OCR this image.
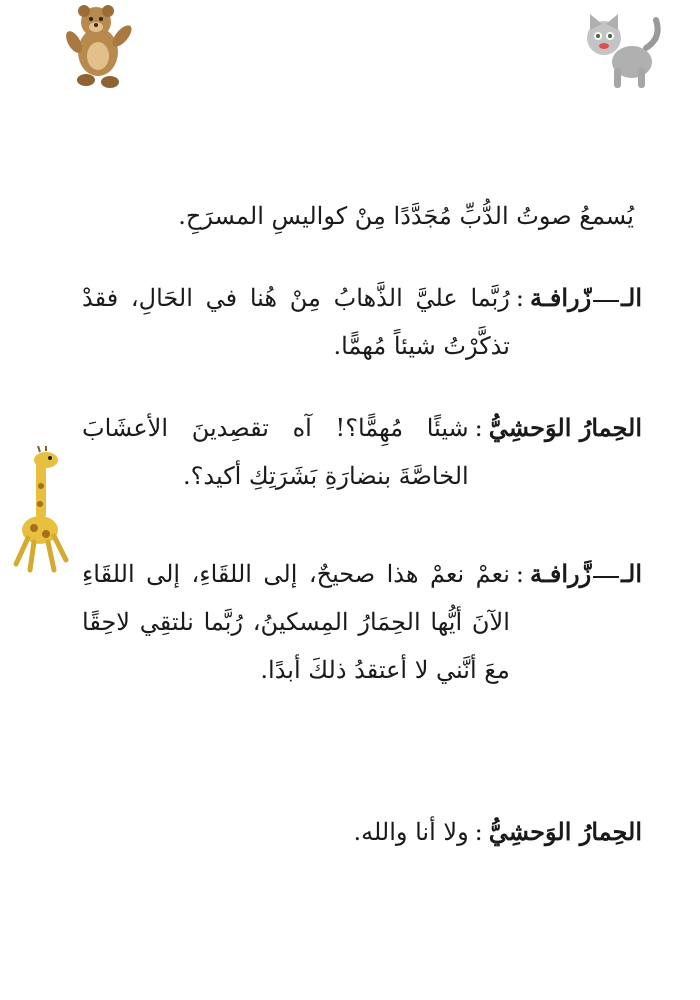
يُسمعُ صوتُ الدُّبِّ مُجَدَّدًا مِنْ كواليسِ المسرَحِ.

الـ
زّرافـة
:
رُبَّما عليَّ الذَّهابُ مِنْ هُنا في الحَالِ، فقدْ تذكَّرْتُ شيئاً مُهمًّا.
الحِمارُ الوَحشِيُّ
:
شيئًا مُهِمًّا؟! آه تقصِدينَ الأعشَابَ الخاصَّةَ بنضارَةِ بَشَرَتِكِ أكيد؟.
الـ
زَّرافـة
:
نعمْ نعمْ هذا صحيحٌ، إلى اللقَاءِ، إلى اللقَاءِ الآنَ أيُّها الحِمَارُ المِسكينُ، رُبَّما نلتقِي لاحِقًا معَ أنَّني لا أعتقدُ ذلكَ أبدًا.
الحِمارُ الوَحشِيُّ
:
ولا أنا والله.
